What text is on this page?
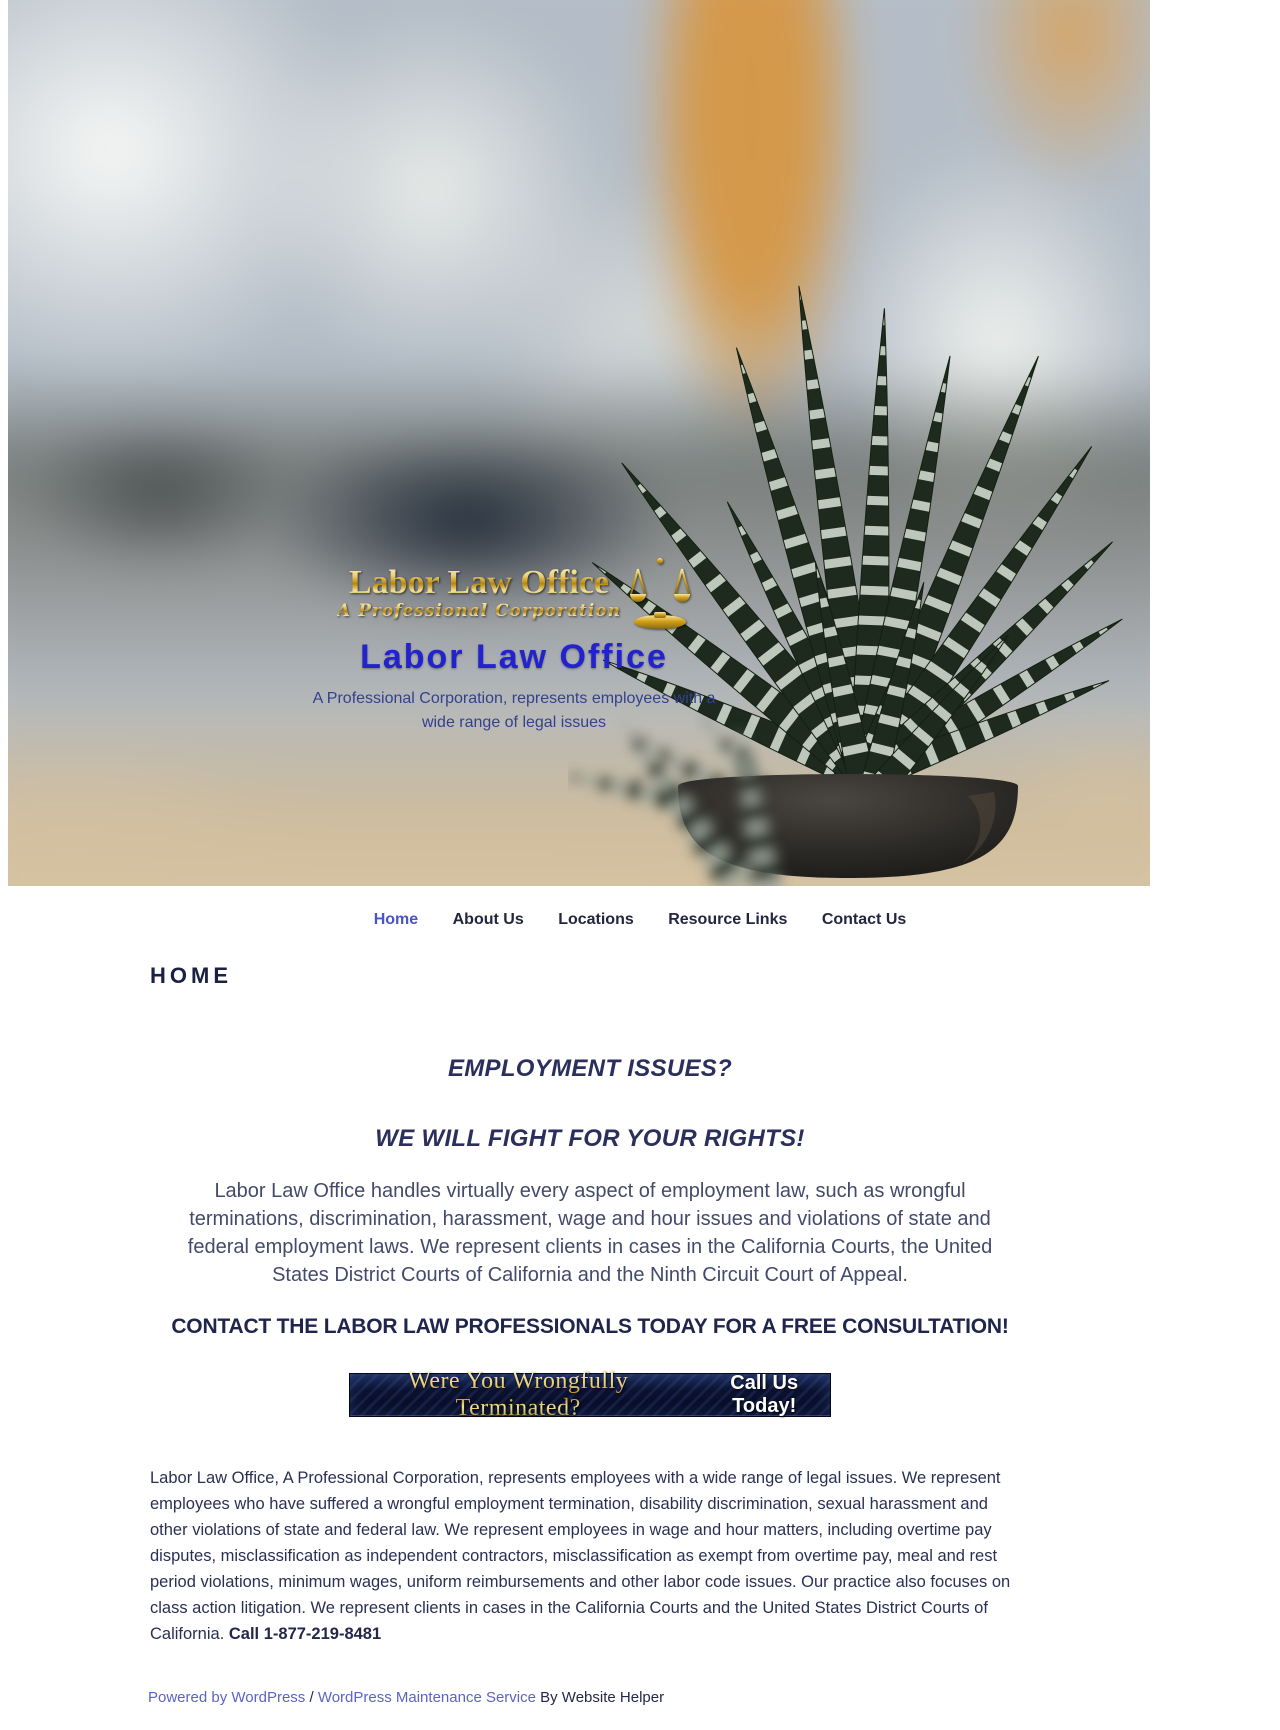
Labor Law Office
A Professional Corporation
Labor Law Office
A Professional Corporation, represents employees with a wide range of legal issues
Home About Us Locations Resource Links Contact Us
HOME
EMPLOYMENT ISSUES?
WE WILL FIGHT FOR YOUR RIGHTS!

Labor Law Office handles virtually every aspect of employment law, such as wrongful terminations, discrimination, harassment, wage and hour issues and violations of state and federal employment laws. We represent clients in cases in the California Courts, the United States District Courts of California and the Ninth Circuit Court of Appeal.

CONTACT THE LABOR LAW PROFESSIONALS TODAY FOR A FREE CONSULTATION!
Were You Wrongfully Terminated?
Call Us Today!

Labor Law Office, A Professional Corporation, represents employees with a wide range of legal issues. We represent employees who have suffered a wrongful employment termination, disability discrimination, sexual harassment and other violations of state and federal law. We represent employees in wage and hour matters, including overtime pay disputes, misclassification as independent contractors, misclassification as exempt from overtime pay, meal and rest period violations, minimum wages, uniform reimbursements and other labor code issues. Our practice also focuses on class action litigation. We represent clients in cases in the California Courts and the United States District Courts of California. Call 1-877-219-8481

Powered by WordPress / WordPress Maintenance Service By Website Helper
